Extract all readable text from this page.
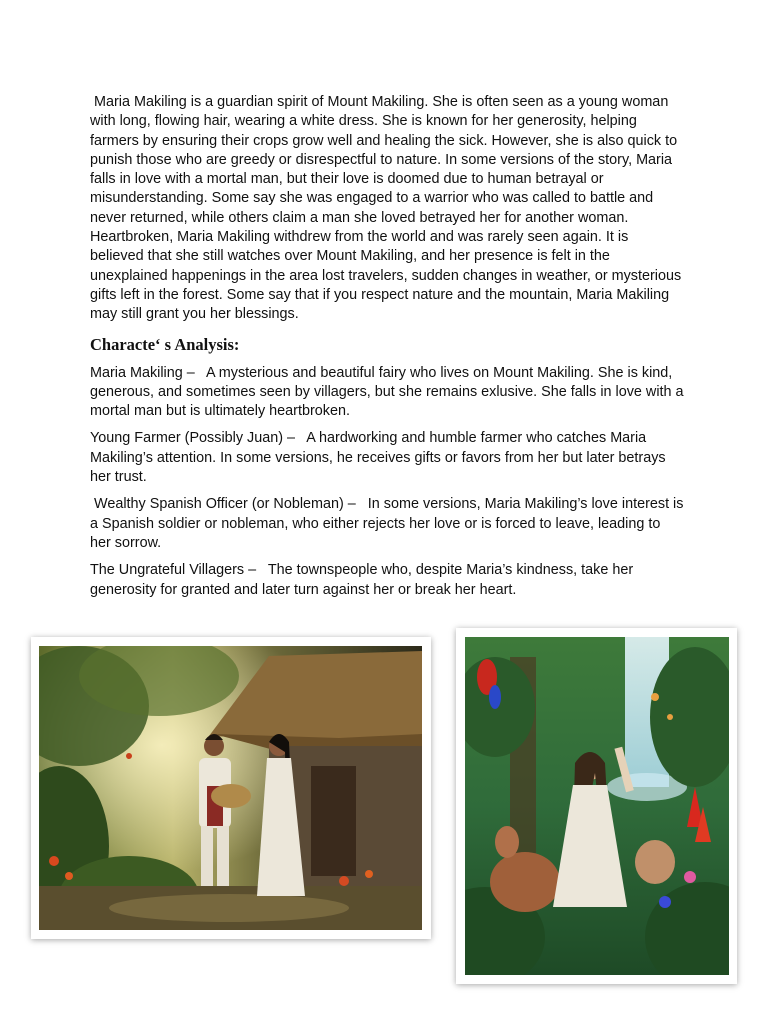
Maria Makiling is a guardian spirit of Mount Makiling. She is often seen as a young woman with long, flowing hair, wearing a white dress. She is known for her generosity, helping farmers by ensuring their crops grow well and healing the sick. However, she is also quick to punish those who are greedy or disrespectful to nature. In some versions of the story, Maria falls in love with a mortal man, but their love is doomed due to human betrayal or misunderstanding. Some say she was engaged to a warrior who was called to battle and never returned, while others claim a man she loved betrayed her for another woman. Heartbroken, Maria Makiling withdrew from the world and was rarely seen again. It is believed that she still watches over Mount Makiling, and her presence is felt in the unexplained happenings in the area lost travelers, sudden changes in weather, or mysterious gifts left in the forest. Some say that if you respect nature and the mountain, Maria Makiling may still grant you her blessings.

Characte‘ s Analysis:

Maria Makiling –   A mysterious and beautiful fairy who lives on Mount Makiling. She is kind, generous, and sometimes seen by villagers, but she remains exlusive. She falls in love with a mortal man but is ultimately heartbroken.

Young Farmer (Possibly Juan) –   A hardworking and humble farmer who catches Maria Makiling’s attention. In some versions, he receives gifts or favors from her but later betrays her trust.

Wealthy Spanish Officer (or Nobleman) –   In some versions, Maria Makiling’s love interest is a Spanish soldier or nobleman, who either rejects her love or is forced to leave, leading to her sorrow.

The Ungrateful Villagers –   The townspeople who, despite Maria’s kindness, take her generosity for granted and later turn against her or break her heart.
